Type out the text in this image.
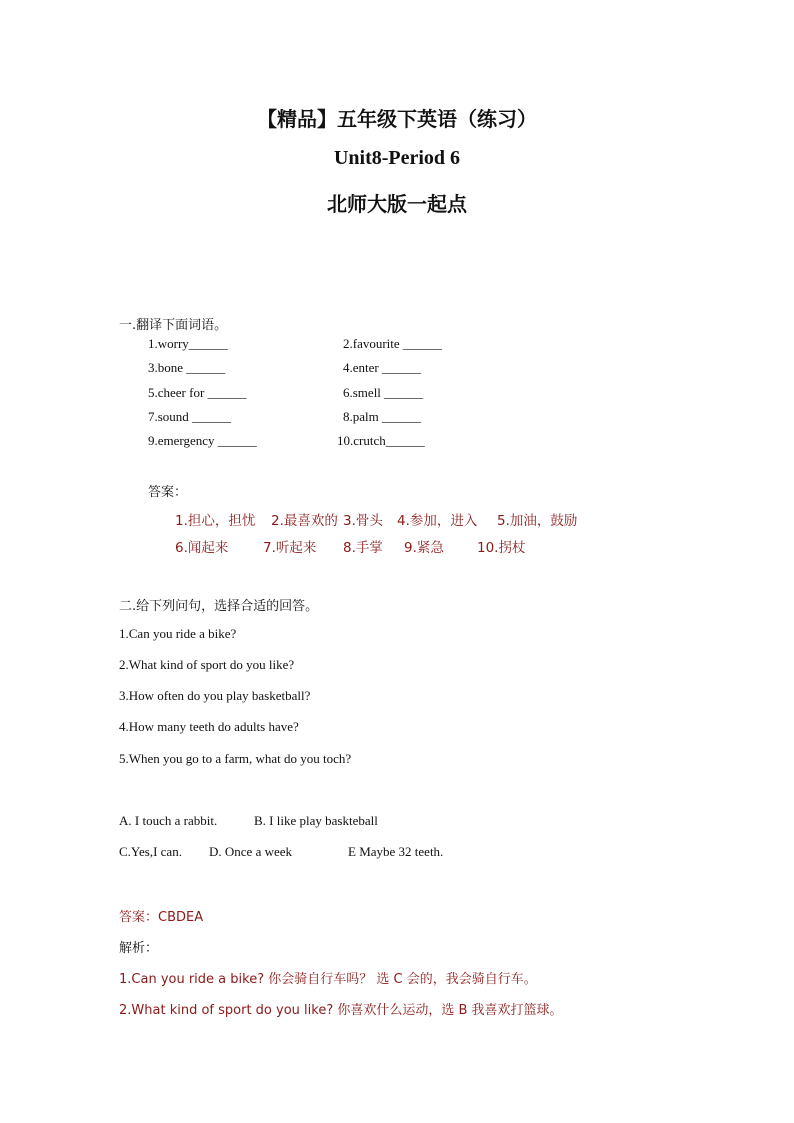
【精品】五年级下英语（练习）
Unit8-Period 6
北师大版一起点
一.翻译下面词语。
1.worry______	2.favourite ______
3.bone ______	4.enter ______
5.cheer for ______	6.smell ______
7.sound ______	8.palm ______
9.emergency ______	10.crutch______
答案：
1.担心，担忧 2.最喜欢的 3.骨头 4.参加，进入 5.加油，鼓励
6.闻起来	7.听起来 8.手掌 9.紧急 10.拐杖
二.给下列问句，选择合适的回答。
1.Can you ride a bike?
2.What kind of sport do you like?
3.How often do you play basketball?
4.How many teeth do adults have?
5.When you go to a farm, what do you toch?
A. I touch a rabbit.	B. I like play baskteball
C.Yes,I can. D. Once a week	E Maybe 32 teeth.
答案：CBDEA
解析：
1.Can you ride a bike? 你会骑自行车吗？ 选 C 会的，我会骑自行车。
2.What kind of sport do you like? 你喜欢什么运动，选 B 我喜欢打篮球。
